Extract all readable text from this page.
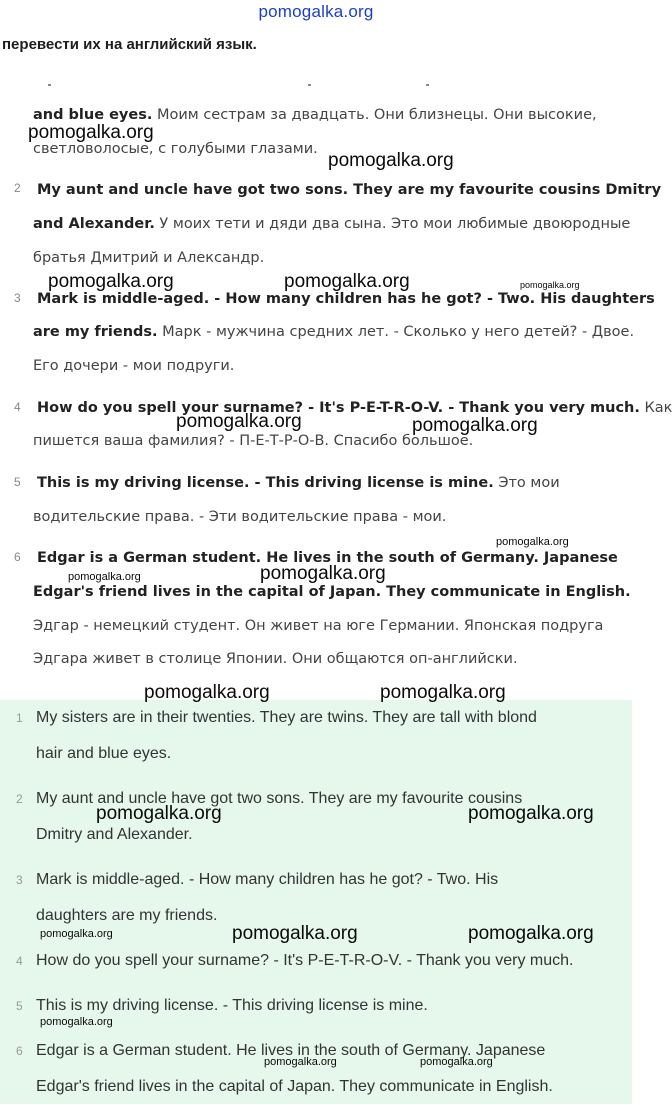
pomogalka.org
перевести их на английский язык.
2
3
4
5
6
and blue eyes. Моим сестрам за двадцать. Они близнецы. Они высокие,
светловолосые, с голубыми глазами.
My aunt and uncle have got two sons. They are my favourite cousins Dmitry
and Alexander. У моих тети и дяди два сына. Это мои любимые двоюродные
братья Дмитрий и Александр.
Mark is middle-aged. - How many children has he got? - Two. His daughters
are my friends. Марк - мужчина средних лет. - Сколько у него детей? - Двое.
Его дочери - мои подруги.
How do you spell your surname? - It's P-E-T-R-O-V. - Thank you very much. Как
пишется ваша фамилия? - П-Е-Т-Р-О-В. Спасибо большое.
This is my driving license. - This driving license is mine. Это мои
водительские права. - Эти водительские права - мои.
Edgar is a German student. He lives in the south of Germany. Japanese
Edgar's friend lives in the capital of Japan. They communicate in English.
Эдгар - немецкий студент. Он живет на юге Германии. Японская подруга
Эдгара живет в столице Японии. Они общаются оп-английски.
1 My sisters are in their twenties. They are twins. They are tall with blond
hair and blue eyes.
2 My aunt and uncle have got two sons. They are my favourite cousins
Dmitry and Alexander.
3 Mark is middle-aged. - How many children has he got? - Two. His
daughters are my friends.
4 How do you spell your surname? - It's P-E-T-R-O-V. - Thank you very much.
5 This is my driving license. - This driving license is mine.
6 Edgar is a German student. He lives in the south of Germany. Japanese
Edgar's friend lives in the capital of Japan. They communicate in English.
pomogalka.org
pomogalka.org
pomogalka.org	pomogalka.org	pomogalka.org
pomogalka.org	pomogalka.org
pomogalka.org
pomogalka.org
pomogalka.org
pomogalka.org	pomogalka.org
pomogalka.org	pomogalka.org
pomogalka.org	pomogalka.org	pomogalka.org
pomogalka.org
pomogalka.org	pomogalka.org
